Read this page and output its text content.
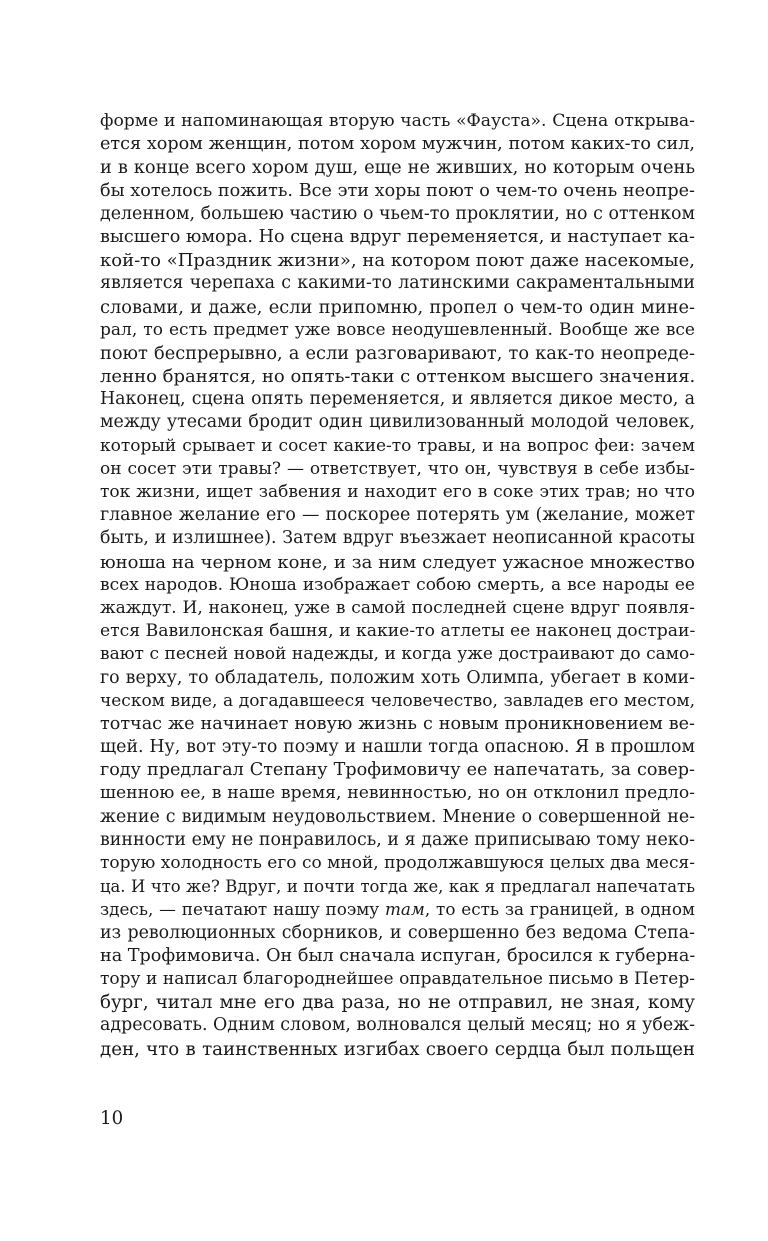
форме и напоминающая вторую часть «Фауста». Сцена открыва-
ется хором женщин, потом хором мужчин, потом каких-то сил,
и в конце всего хором душ, еще не живших, но которым очень
бы хотелось пожить. Все эти хоры поют о чем-то очень неопре-
деленном, большею частию о чьем-то проклятии, но с оттенком
высшего юмора. Но сцена вдруг переменяется, и наступает ка-
кой-то «Праздник жизни», на котором поют даже насекомые,
является черепаха с какими-то латинскими сакраментальными
словами, и даже, если припомню, пропел о чем-то один мине-
рал, то есть предмет уже вовсе неодушевленный. Вообще же все
поют беспрерывно, а если разговаривают, то как-то неопреде-
ленно бранятся, но опять-таки с оттенком высшего значения.
Наконец, сцена опять переменяется, и является дикое место, а
между утесами бродит один цивилизованный молодой человек,
который срывает и сосет какие-то травы, и на вопрос феи: зачем
он сосет эти травы? — ответствует, что он, чувствуя в себе избы-
ток жизни, ищет забвения и находит его в соке этих трав; но что
главное желание его — поскорее потерять ум (желание, может
быть, и излишнее). Затем вдруг въезжает неописанной красоты
юноша на черном коне, и за ним следует ужасное множество
всех народов. Юноша изображает собою смерть, а все народы ее
жаждут. И, наконец, уже в самой последней сцене вдруг появля-
ется Вавилонская башня, и какие-то атлеты ее наконец достраи-
вают с песней новой надежды, и когда уже достраивают до само-
го верху, то обладатель, положим хоть Олимпа, убегает в коми-
ческом виде, а догадавшееся человечество, завладев его местом,
тотчас же начинает новую жизнь с новым проникновением ве-
щей. Ну, вот эту-то поэму и нашли тогда опасною. Я в прошлом
году предлагал Степану Трофимовичу ее напечатать, за совер-
шенною ее, в наше время, невинностью, но он отклонил предло-
жение с видимым неудовольствием. Мнение о совершенной не-
винности ему не понравилось, и я даже приписываю тому неко-
торую холодность его со мной, продолжавшуюся целых два меся-
ца. И что же? Вдруг, и почти тогда же, как я предлагал напечатать
здесь, — печатают нашу поэму там, то есть за границей, в одном
из революционных сборников, и совершенно без ведома Степа-
на Трофимовича. Он был сначала испуган, бросился к губерна-
тору и написал благороднейшее оправдательное письмо в Петер-
бург, читал мне его два раза, но не отправил, не зная, кому
адресовать. Одним словом, волновался целый месяц; но я убеж-
ден, что в таинственных изгибах своего сердца был польщен
10
